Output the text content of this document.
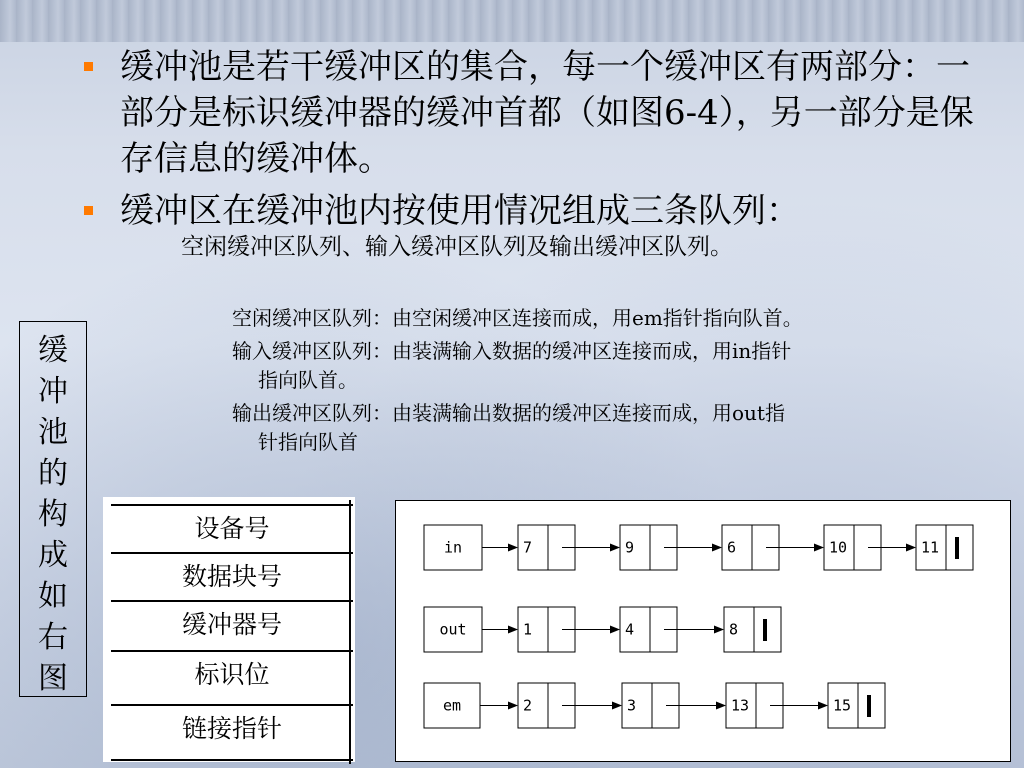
缓冲池是若干缓冲区的集合，每一个缓冲区有两部分：一部分是标识缓冲器的缓冲首都（如图6-4），另一部分是保存信息的缓冲体。
缓冲区在缓冲池内按使用情况组成三条队列：
空闲缓冲区队列、输入缓冲区队列及输出缓冲区队列。
空闲缓冲区队列：由空闲缓冲区连接而成，用em指针指向队首。
输入缓冲区队列：由装满输入数据的缓冲区连接而成，用in指针
指向队首。
输出缓冲区队列：由装满输出数据的缓冲区连接而成，用out指
针指向队首
缓
冲
池
的
构
成
如
右
图
设备号
数据块号
缓冲器号
标识位
链接指针
in	7	9	6	10	11
out	1	4	8
em	2	3	13	15
